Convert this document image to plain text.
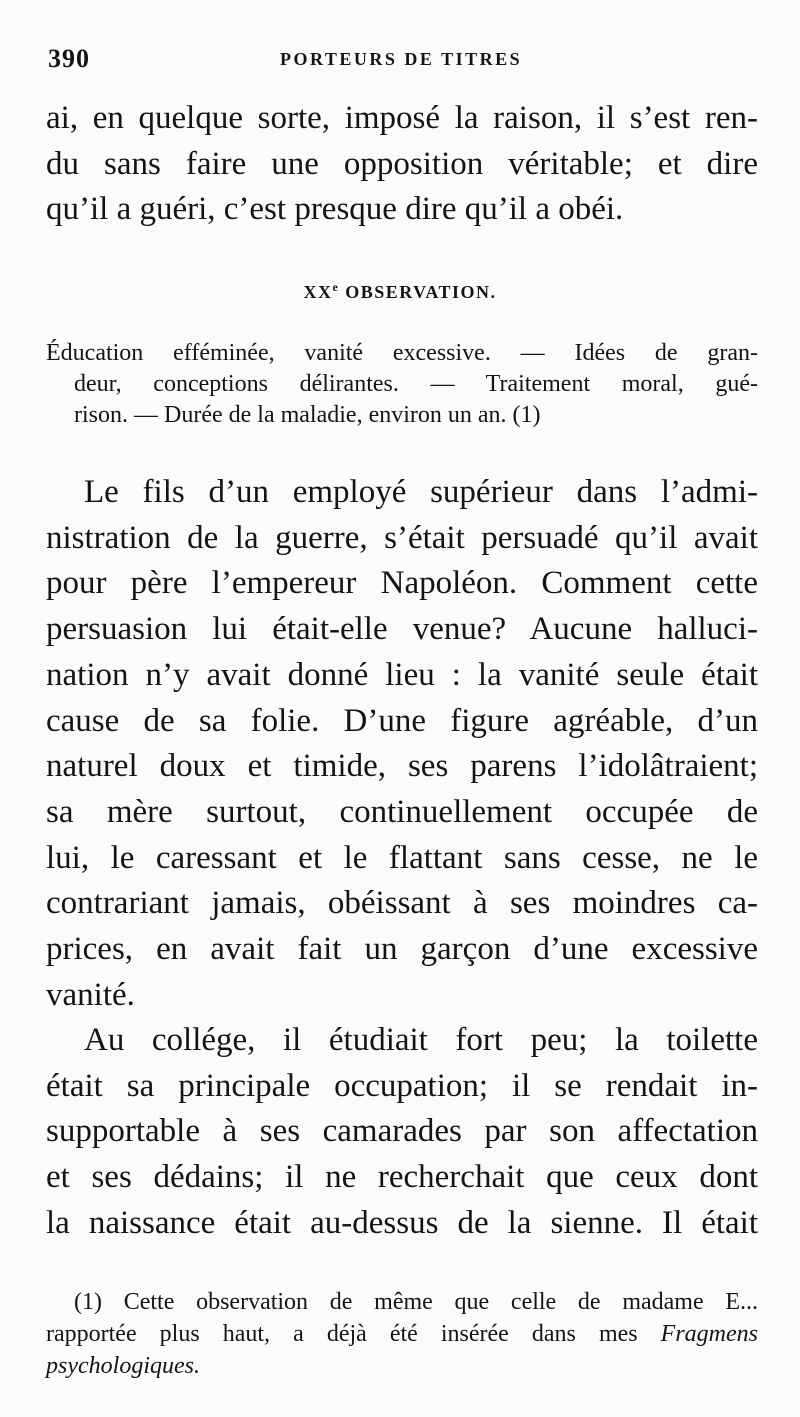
390	PORTEURS DE TITRES
ai, en quelque sorte, imposé la raison, il s’est ren-
du sans faire une opposition véritable; et dire
qu’il a guéri, c’est presque dire qu’il a obéi.
XXe OBSERVATION.
Éducation efféminée, vanité excessive. — Idées de gran-
deur, conceptions délirantes. — Traitement moral, gué-
rison. — Durée de la maladie, environ un an. (1)
Le fils d’un employé supérieur dans l’admi-
nistration de la guerre, s’était persuadé qu’il avait
pour père l’empereur Napoléon. Comment cette
persuasion lui était-elle venue? Aucune halluci-
nation n’y avait donné lieu : la vanité seule était
cause de sa folie. D’une figure agréable, d’un
naturel doux et timide, ses parens l’idolâtraient;
sa mère surtout, continuellement occupée de
lui, le caressant et le flattant sans cesse, ne le
contrariant jamais, obéissant à ses moindres ca-
prices, en avait fait un garçon d’une excessive
vanité.
Au collége, il étudiait fort peu; la toilette
était sa principale occupation; il se rendait in-
supportable à ses camarades par son affectation
et ses dédains; il ne recherchait que ceux dont
la naissance était au-dessus de la sienne. Il était
(1) Cette observation de même que celle de madame E...
rapportée plus haut, a déjà été insérée dans mes Fragmens
psychologiques.
